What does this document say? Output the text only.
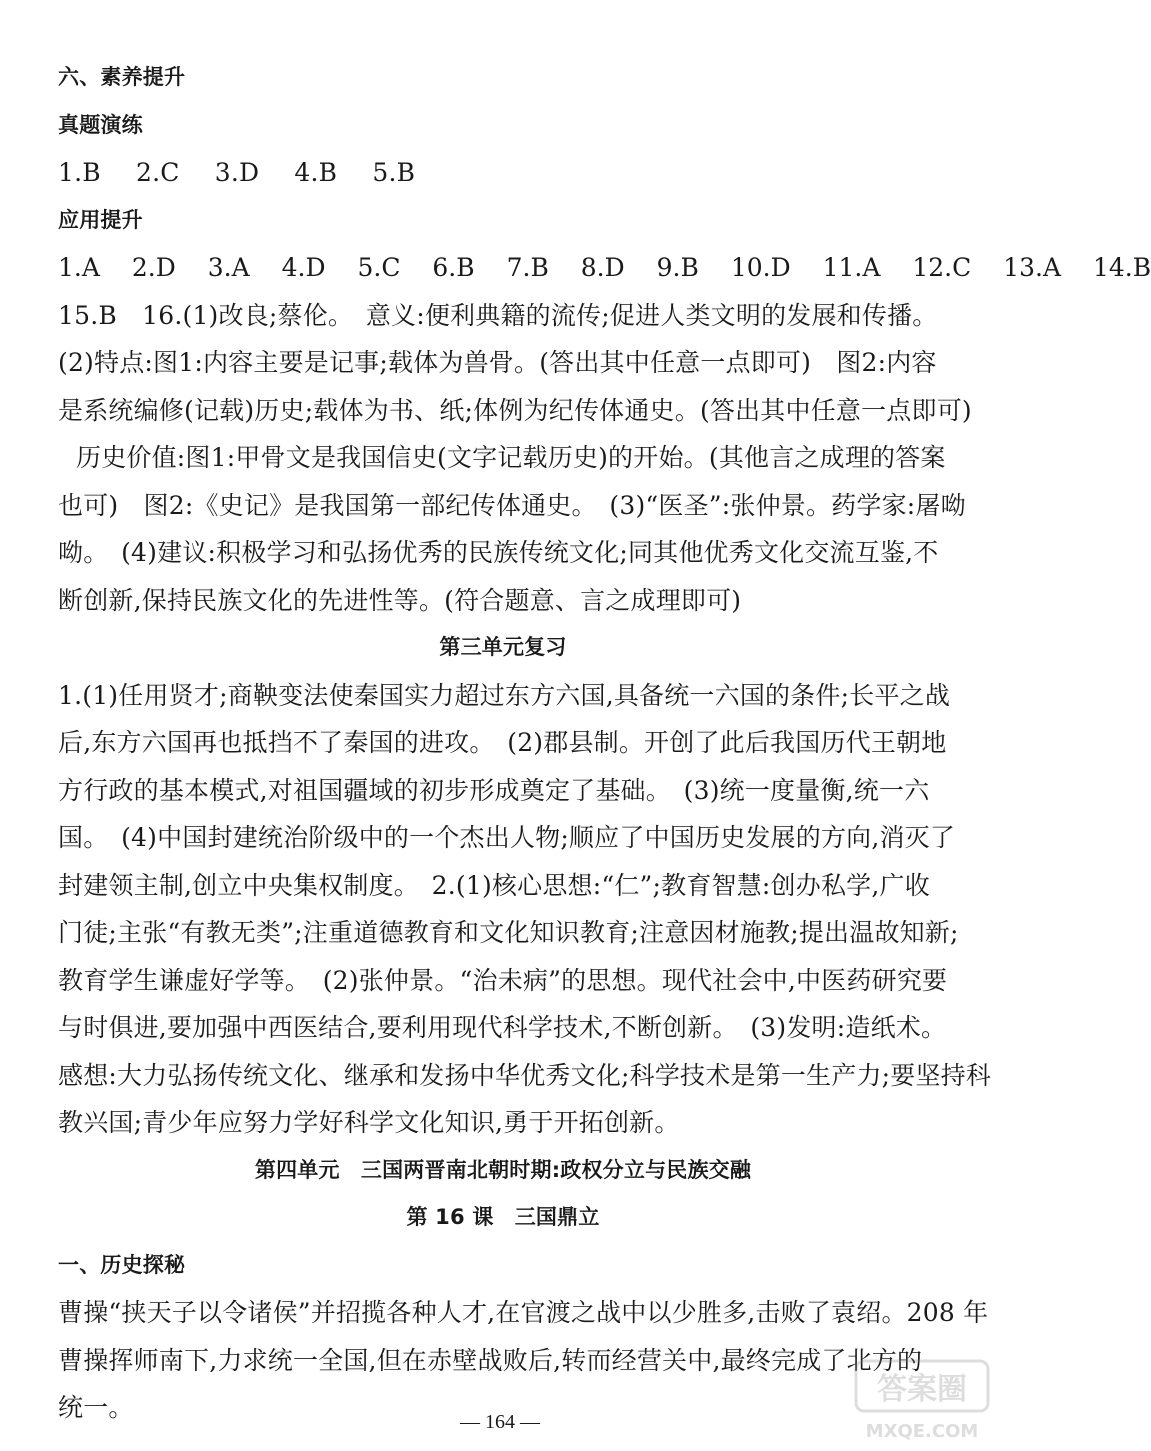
六、素养提升
真题演练
1.B 2.C 3.D 4.B 5.B
应用提升
1.A 2.D 3.A 4.D 5.C 6.B 7.B 8.D 9.B 10.D 11.A 12.C 13.A 14.B
15.B　16.(1)改良;蔡伦。　意义:便利典籍的流传;促进人类文明的发展和传播。
(2)特点:图1:内容主要是记事;载体为兽骨。(答出其中任意一点即可)　图2:内容
是系统编修(记载)历史;载体为书、纸;体例为纪传体通史。(答出其中任意一点即可)
历史价值:图1:甲骨文是我国信史(文字记载历史)的开始。(其他言之成理的答案
也可)　图2:《史记》是我国第一部纪传体通史。　(3)“医圣”:张仲景。药学家:屠呦
呦。　(4)建议:积极学习和弘扬优秀的民族传统文化;同其他优秀文化交流互鉴,不
断创新,保持民族文化的先进性等。(符合题意、言之成理即可)
第三单元复习
1.(1)任用贤才;商鞅变法使秦国实力超过东方六国,具备统一六国的条件;长平之战
后,东方六国再也抵挡不了秦国的进攻。　(2)郡县制。开创了此后我国历代王朝地
方行政的基本模式,对祖国疆域的初步形成奠定了基础。　(3)统一度量衡,统一六
国。　(4)中国封建统治阶级中的一个杰出人物;顺应了中国历史发展的方向,消灭了
封建领主制,创立中央集权制度。　2.(1)核心思想:“仁”;教育智慧:创办私学,广收
门徒;主张“有教无类”;注重道德教育和文化知识教育;注意因材施教;提出温故知新;
教育学生谦虚好学等。　(2)张仲景。“治未病”的思想。现代社会中,中医药研究要
与时俱进,要加强中西医结合,要利用现代科学技术,不断创新。　(3)发明:造纸术。
感想:大力弘扬传统文化、继承和发扬中华优秀文化;科学技术是第一生产力;要坚持科
教兴国;青少年应努力学好科学文化知识,勇于开拓创新。
第四单元　三国两晋南北朝时期:政权分立与民族交融
第 16 课　三国鼎立
一、历史探秘
曹操“挟天子以令诸侯”并招揽各种人才,在官渡之战中以少胜多,击败了袁绍。208 年
曹操挥师南下,力求统一全国,但在赤壁战败后,转而经营关中,最终完成了北方的
统一。	— 164 —
答案圈
MXQE.COM
